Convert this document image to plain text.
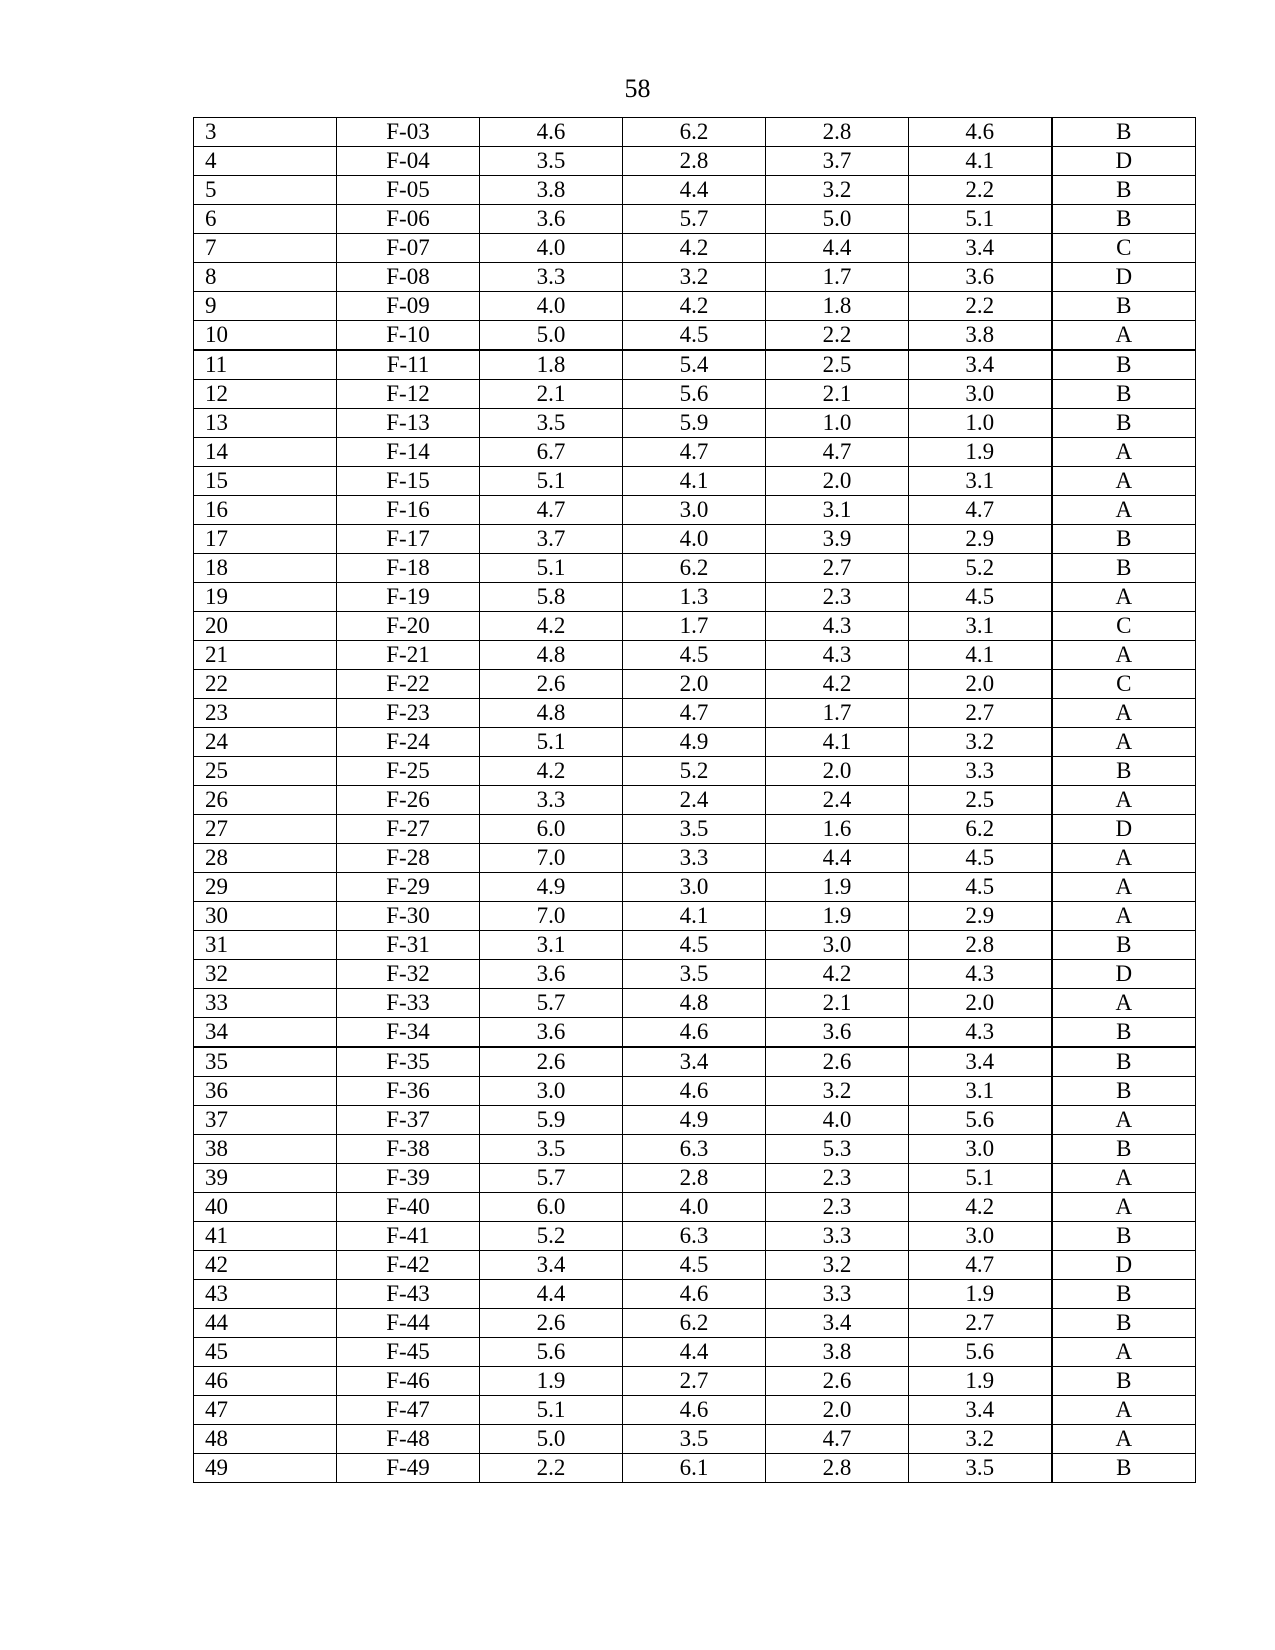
58
3	F-03	4.6	6.2	2.8	4.6	B
4	F-04	3.5	2.8	3.7	4.1	D
5	F-05	3.8	4.4	3.2	2.2	B
6	F-06	3.6	5.7	5.0	5.1	B
7	F-07	4.0	4.2	4.4	3.4	C
8	F-08	3.3	3.2	1.7	3.6	D
9	F-09	4.0	4.2	1.8	2.2	B
10	F-10	5.0	4.5	2.2	3.8	A
11	F-11	1.8	5.4	2.5	3.4	B
12	F-12	2.1	5.6	2.1	3.0	B
13	F-13	3.5	5.9	1.0	1.0	B
14	F-14	6.7	4.7	4.7	1.9	A
15	F-15	5.1	4.1	2.0	3.1	A
16	F-16	4.7	3.0	3.1	4.7	A
17	F-17	3.7	4.0	3.9	2.9	B
18	F-18	5.1	6.2	2.7	5.2	B
19	F-19	5.8	1.3	2.3	4.5	A
20	F-20	4.2	1.7	4.3	3.1	C
21	F-21	4.8	4.5	4.3	4.1	A
22	F-22	2.6	2.0	4.2	2.0	C
23	F-23	4.8	4.7	1.7	2.7	A
24	F-24	5.1	4.9	4.1	3.2	A
25	F-25	4.2	5.2	2.0	3.3	B
26	F-26	3.3	2.4	2.4	2.5	A
27	F-27	6.0	3.5	1.6	6.2	D
28	F-28	7.0	3.3	4.4	4.5	A
29	F-29	4.9	3.0	1.9	4.5	A
30	F-30	7.0	4.1	1.9	2.9	A
31	F-31	3.1	4.5	3.0	2.8	B
32	F-32	3.6	3.5	4.2	4.3	D
33	F-33	5.7	4.8	2.1	2.0	A
34	F-34	3.6	4.6	3.6	4.3	B
35	F-35	2.6	3.4	2.6	3.4	B
36	F-36	3.0	4.6	3.2	3.1	B
37	F-37	5.9	4.9	4.0	5.6	A
38	F-38	3.5	6.3	5.3	3.0	B
39	F-39	5.7	2.8	2.3	5.1	A
40	F-40	6.0	4.0	2.3	4.2	A
41	F-41	5.2	6.3	3.3	3.0	B
42	F-42	3.4	4.5	3.2	4.7	D
43	F-43	4.4	4.6	3.3	1.9	B
44	F-44	2.6	6.2	3.4	2.7	B
45	F-45	5.6	4.4	3.8	5.6	A
46	F-46	1.9	2.7	2.6	1.9	B
47	F-47	5.1	4.6	2.0	3.4	A
48	F-48	5.0	3.5	4.7	3.2	A
49	F-49	2.2	6.1	2.8	3.5	B
